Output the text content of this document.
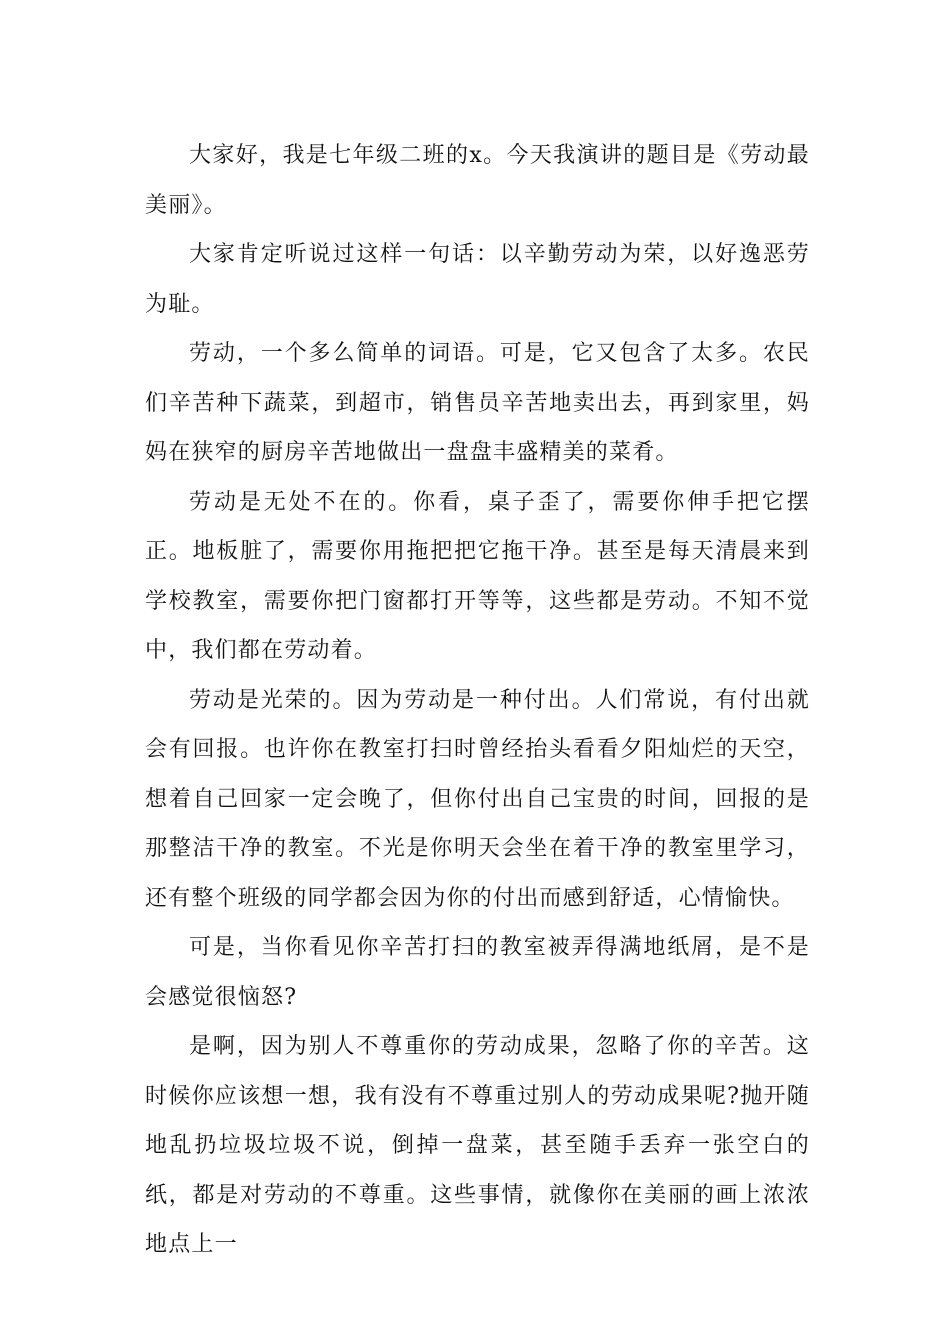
大家好，我是七年级二班的x。今天我演讲的题目是《劳动最美丽》。

大家肯定听说过这样一句话：以辛勤劳动为荣，以好逸恶劳为耻。

劳动，一个多么简单的词语。可是，它又包含了太多。农民们辛苦种下蔬菜，到超市，销售员辛苦地卖出去，再到家里，妈妈在狭窄的厨房辛苦地做出一盘盘丰盛精美的菜肴。

劳动是无处不在的。你看，桌子歪了，需要你伸手把它摆正。地板脏了，需要你用拖把把它拖干净。甚至是每天清晨来到学校教室，需要你把门窗都打开等等，这些都是劳动。不知不觉中，我们都在劳动着。

劳动是光荣的。因为劳动是一种付出。人们常说，有付出就会有回报。也许你在教室打扫时曾经抬头看看夕阳灿烂的天空，想着自己回家一定会晚了，但你付出自己宝贵的时间，回报的是那整洁干净的教室。不光是你明天会坐在着干净的教室里学习，还有整个班级的同学都会因为你的付出而感到舒适，心情愉快。

可是，当你看见你辛苦打扫的教室被弄得满地纸屑，是不是会感觉很恼怒?

是啊，因为别人不尊重你的劳动成果，忽略了你的辛苦。这时候你应该想一想，我有没有不尊重过别人的劳动成果呢?抛开随地乱扔垃圾垃圾不说，倒掉一盘菜，甚至随手丢弃一张空白的纸，都是对劳动的不尊重。这些事情，就像你在美丽的画上浓浓地点上一
